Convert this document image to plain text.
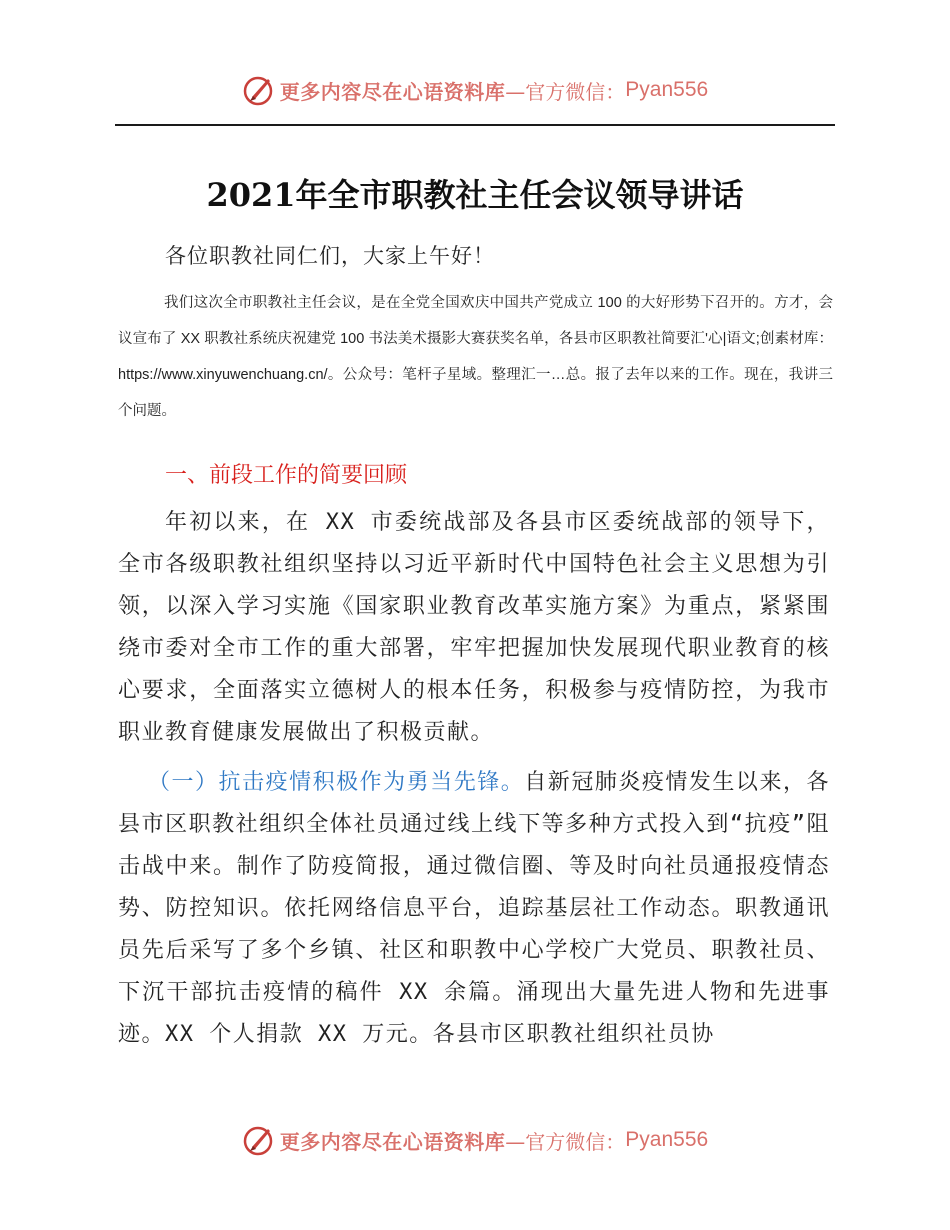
更多内容尽在心语资料库 —官方微信： Pyan556
2021年全市职教社主任会议领导讲话
各位职教社同仁们，大家上午好！
我们这次全市职教社主任会议，是在全党全国欢庆中国共产党成立 100 的大好形势下召开的。方才，会议宣布了 XX 职教社系统庆祝建党 100 书法美术摄影大赛获奖名单，各县市区职教社简要汇'心|语文;创素材库：https://www.xinyuwenchuang.cn/。公众号：笔杆子星域。整理汇一…总。报了去年以来的工作。现在，我讲三个问题。
一、前段工作的简要回顾
年初以来，在 XX 市委统战部及各县市区委统战部的领导下，全市各级职教社组织坚持以习近平新时代中国特色社会主义思想为引领，以深入学习实施《国家职业教育改革实施方案》为重点，紧紧围绕市委对全市工作的重大部署，牢牢把握加快发展现代职业教育的核心要求，全面落实立德树人的根本任务，积极参与疫情防控，为我市职业教育健康发展做出了积极贡献。
（一）抗击疫情积极作为勇当先锋。自新冠肺炎疫情发生以来，各县市区职教社组织全体社员通过线上线下等多种方式投入到“抗疫”阻击战中来。制作了防疫简报，通过微信圈、等及时向社员通报疫情态势、防控知识。依托网络信息平台，追踪基层社工作动态。职教通讯员先后采写了多个乡镇、社区和职教中心学校广大党员、职教社员、下沉干部抗击疫情的稿件 XX 余篇。涌现出大量先进人物和先进事迹。XX 个人捐款 XX 万元。各县市区职教社组织社员协
更多内容尽在心语资料库 —官方微信： Pyan556
